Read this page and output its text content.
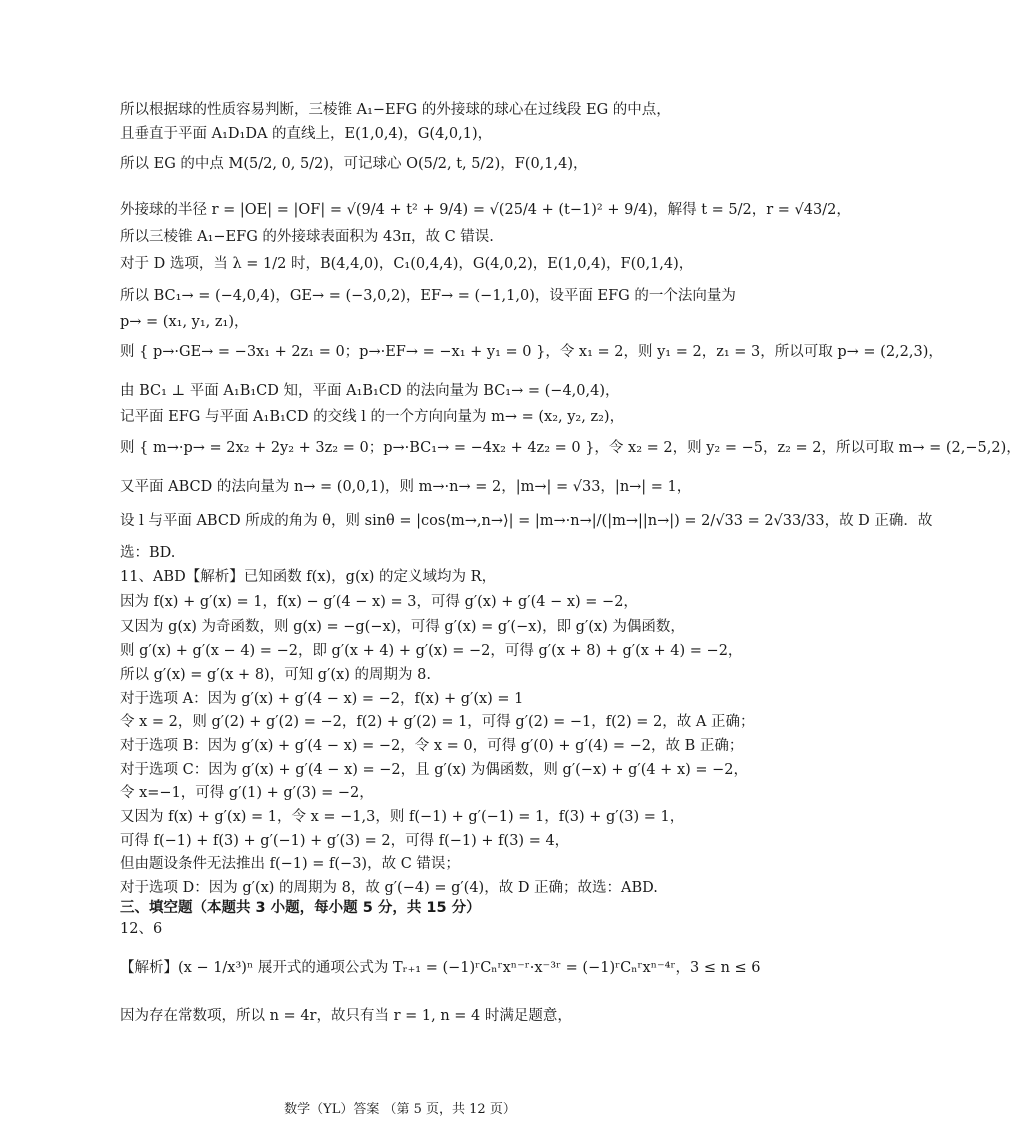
所以根据球的性质容易判断，三棱锥 A₁−EFG 的外接球的球心在过线段 EG 的中点，
且垂直于平面 A₁D₁DA 的直线上，E(1,0,4)，G(4,0,1)，
所以 EG 的中点 M(5/2, 0, 5/2)，可记球心 O(5/2, t, 5/2)，F(0,1,4)，
外接球的半径 r = |OE| = |OF| = √(9/4 + t² + 9/4) = √(25/4 + (t−1)² + 9/4)，解得 t = 5/2，r = √43/2，
所以三棱锥 A₁−EFG 的外接球表面积为 43π，故 C 错误.
对于 D 选项，当 λ = 1/2 时，B(4,4,0)，C₁(0,4,4)，G(4,0,2)，E(1,0,4)，F(0,1,4)，
所以 BC₁→ = (−4,0,4)，GE→ = (−3,0,2)，EF→ = (−1,1,0)，设平面 EFG 的一个法向量为
p→ = (x₁, y₁, z₁)，
则 { p→·GE→ = −3x₁ + 2z₁ = 0；p→·EF→ = −x₁ + y₁ = 0 }，令 x₁ = 2，则 y₁ = 2，z₁ = 3，所以可取 p→ = (2,2,3)，
由 BC₁ ⊥ 平面 A₁B₁CD 知，平面 A₁B₁CD 的法向量为 BC₁→ = (−4,0,4)，
记平面 EFG 与平面 A₁B₁CD 的交线 l 的一个方向向量为 m→ = (x₂, y₂, z₂)，
则 { m→·p→ = 2x₂ + 2y₂ + 3z₂ = 0；p→·BC₁→ = −4x₂ + 4z₂ = 0 }，令 x₂ = 2，则 y₂ = −5，z₂ = 2，所以可取 m→ = (2,−5,2)，
又平面 ABCD 的法向量为 n→ = (0,0,1)，则 m→·n→ = 2，|m→| = √33，|n→| = 1，
设 l 与平面 ABCD 所成的角为 θ，则 sinθ = |cos⟨m→,n→⟩| = |m→·n→|/(|m→||n→|) = 2/√33 = 2√33/33，故 D 正确．故
选：BD.
11、ABD【解析】已知函数 f(x)，g(x) 的定义域均为 R，
因为 f(x) + g′(x) = 1，f(x) − g′(4 − x) = 3，可得 g′(x) + g′(4 − x) = −2，
又因为 g(x) 为奇函数，则 g(x) = −g(−x)，可得 g′(x) = g′(−x)，即 g′(x) 为偶函数，
则 g′(x) + g′(x − 4) = −2，即 g′(x + 4) + g′(x) = −2，可得 g′(x + 8) + g′(x + 4) = −2，
所以 g′(x) = g′(x + 8)，可知 g′(x) 的周期为 8.
对于选项 A：因为 g′(x) + g′(4 − x) = −2，f(x) + g′(x) = 1
令 x = 2，则 g′(2) + g′(2) = −2，f(2) + g′(2) = 1，可得 g′(2) = −1，f(2) = 2，故 A 正确；
对于选项 B：因为 g′(x) + g′(4 − x) = −2，令 x = 0，可得 g′(0) + g′(4) = −2，故 B 正确；
对于选项 C：因为 g′(x) + g′(4 − x) = −2，且 g′(x) 为偶函数，则 g′(−x) + g′(4 + x) = −2，
令 x=−1，可得 g′(1) + g′(3) = −2，
又因为 f(x) + g′(x) = 1，令 x = −1,3，则 f(−1) + g′(−1) = 1，f(3) + g′(3) = 1，
可得 f(−1) + f(3) + g′(−1) + g′(3) = 2，可得 f(−1) + f(3) = 4，
但由题设条件无法推出 f(−1) = f(−3)，故 C 错误；
对于选项 D：因为 g′(x) 的周期为 8，故 g′(−4) = g′(4)，故 D 正确；故选：ABD.
三、填空题（本题共 3 小题，每小题 5 分，共 15 分）
12、6
【解析】(x − 1/x³)ⁿ 展开式的通项公式为 Tᵣ₊₁ = (−1)ʳCₙʳxⁿ⁻ʳ·x⁻³ʳ = (−1)ʳCₙʳxⁿ⁻⁴ʳ，3 ≤ n ≤ 6
因为存在常数项，所以 n = 4r，故只有当 r = 1, n = 4 时满足题意，
数学（YL）答案 （第 5 页，共 12 页）
